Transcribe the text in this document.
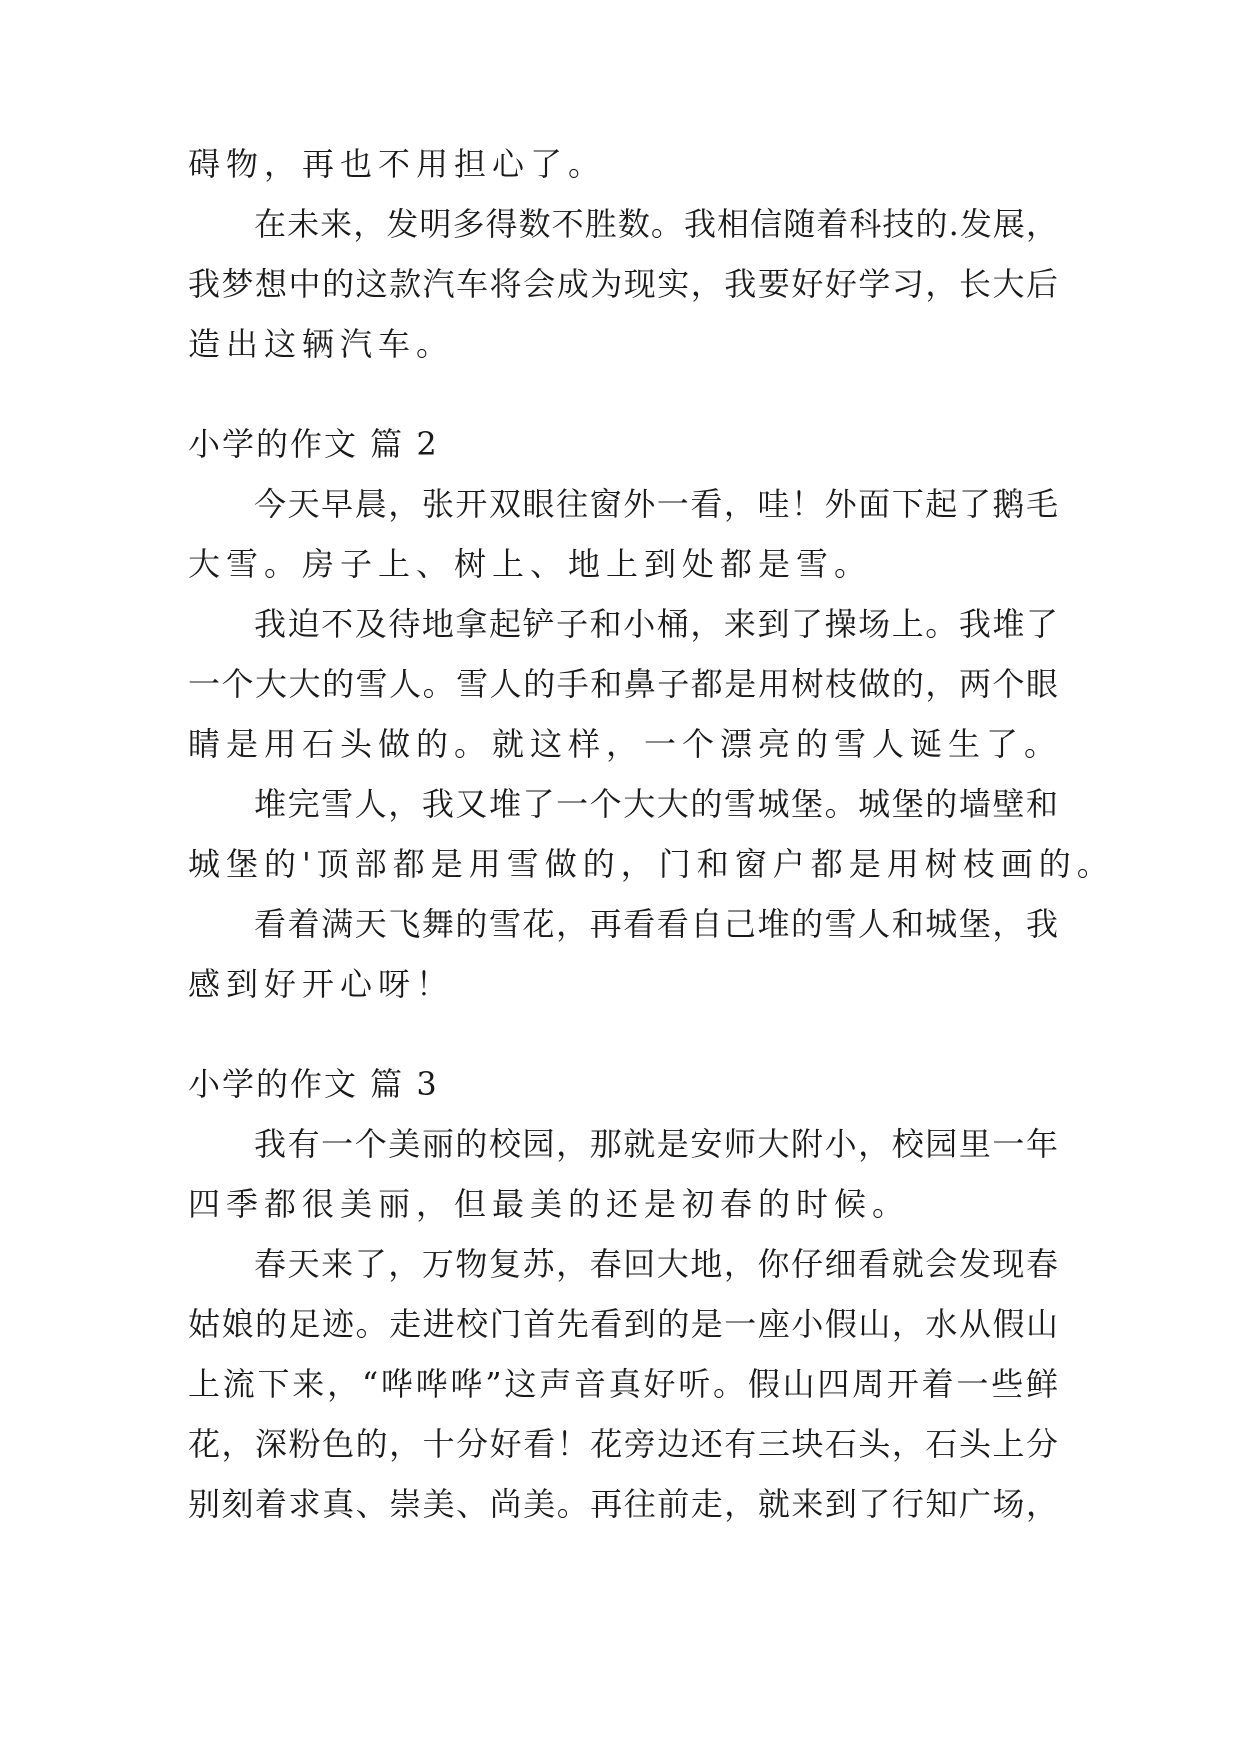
碍物，再也不用担心了。

在未来，发明多得数不胜数。我相信随着科技的.发展，

我梦想中的这款汽车将会成为现实，我要好好学习，长大后

造出这辆汽车。

小学的作文 篇 2

今天早晨，张开双眼往窗外一看，哇！外面下起了鹅毛

大雪。房子上、树上、地上到处都是雪。

我迫不及待地拿起铲子和小桶，来到了操场上。我堆了

一个大大的雪人。雪人的手和鼻子都是用树枝做的，两个眼

睛是用石头做的。就这样，一个漂亮的雪人诞生了。

堆完雪人，我又堆了一个大大的雪城堡。城堡的墙壁和

城堡的'顶部都是用雪做的，门和窗户都是用树枝画的。

看着满天飞舞的雪花，再看看自己堆的雪人和城堡，我

感到好开心呀！

小学的作文 篇 3

我有一个美丽的校园，那就是安师大附小，校园里一年

四季都很美丽，但最美的还是初春的时候。

春天来了，万物复苏，春回大地，你仔细看就会发现春

姑娘的足迹。走进校门首先看到的是一座小假山，水从假山

上流下来，“哗哗哗”这声音真好听。假山四周开着一些鲜

花，深粉色的，十分好看！花旁边还有三块石头，石头上分

别刻着求真、崇美、尚美。再往前走，就来到了行知广场，
